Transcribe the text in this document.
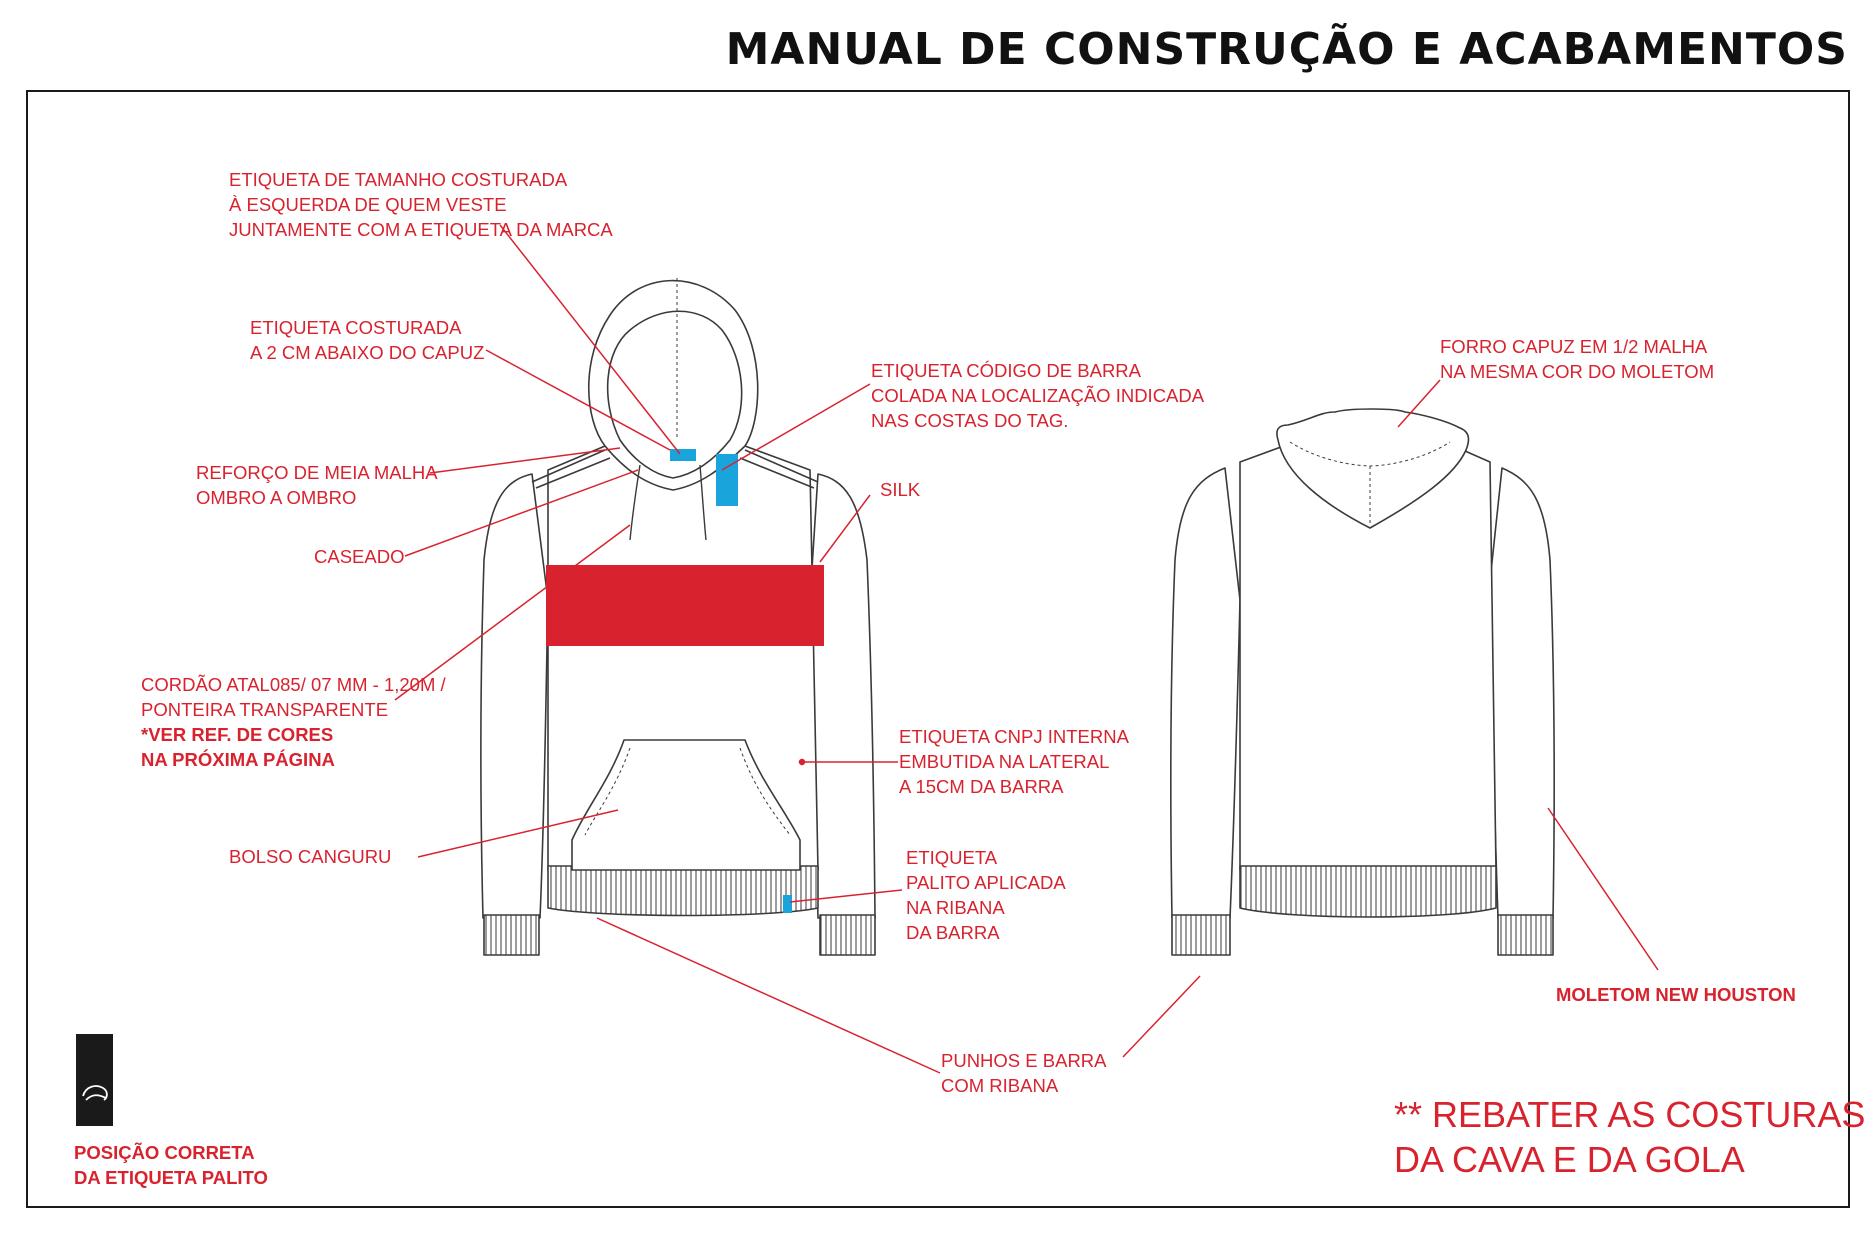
MANUAL DE CONSTRUÇÃO E ACABAMENTOS
ETIQUETA DE TAMANHO COSTURADA
À ESQUERDA DE QUEM VESTE
JUNTAMENTE COM A ETIQUETA DA MARCA
ETIQUETA COSTURADA
A 2 CM ABAIXO DO CAPUZ
REFORÇO DE MEIA MALHA
OMBRO A OMBRO
CASEADO
CORDÃO ATAL085/ 07 MM - 1,20M /
PONTEIRA TRANSPARENTE
*VER REF. DE CORES
NA PRÓXIMA PÁGINA
BOLSO CANGURU
ETIQUETA CÓDIGO DE BARRA
COLADA NA LOCALIZAÇÃO INDICADA
NAS COSTAS DO TAG.
SILK
ETIQUETA CNPJ INTERNA
EMBUTIDA NA LATERAL
A 15CM DA BARRA
ETIQUETA
PALITO APLICADA
NA RIBANA
DA BARRA
PUNHOS E BARRA
COM RIBANA
FORRO CAPUZ EM 1/2 MALHA
NA MESMA COR DO MOLETOM
MOLETOM NEW HOUSTON
POSIÇÃO CORRETA
DA ETIQUETA PALITO
** REBATER AS COSTURAS
DA CAVA E DA GOLA
